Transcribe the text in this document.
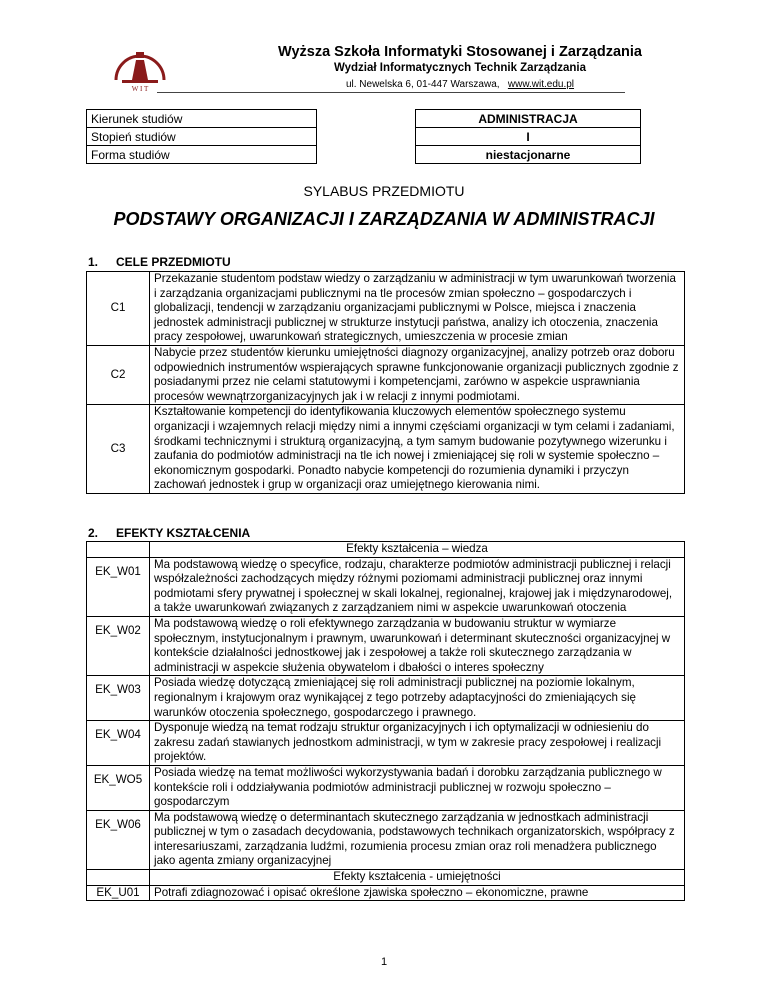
W I T
Wyższa Szkoła Informatyki Stosowanej i Zarządzania
Wydział Informatycznych Technik Zarządzania
ul. Newelska 6, 01-447 Warszawa, www.wit.edu.pl
Kierunek studiów		ADMINISTRACJA
Stopień studiów		I
Forma studiów		niestacjonarne
SYLABUS PRZEDMIOTU
PODSTAWY ORGANIZACJI I ZARZĄDZANIA W ADMINISTRACJI
1. CELE PRZEDMIOTU
C1	Przekazanie studentom podstaw wiedzy o zarządzaniu w administracji w tym uwarunkowań tworzenia i zarządzania organizacjami publicznymi na tle procesów zmian społeczno – gospodarczych i globalizacji, tendencji w zarządzaniu organizacjami publicznymi w Polsce, miejsca i znaczenia jednostek administracji publicznej w strukturze instytucji państwa, analizy ich otoczenia, znaczenia pracy zespołowej, uwarunkowań strategicznych, umieszczenia w procesie zmian
C2	Nabycie przez studentów kierunku umiejętności diagnozy organizacyjnej, analizy potrzeb oraz doboru odpowiednich instrumentów wspierających sprawne funkcjonowanie organizacji publicznych zgodnie z posiadanymi przez nie celami statutowymi i kompetencjami, zarówno w aspekcie usprawniania procesów wewnątrzorganizacyjnych jak i w relacji z innymi podmiotami.
C3	Kształtowanie kompetencji do identyfikowania kluczowych elementów społecznego systemu organizacji i wzajemnych relacji między nimi a innymi częściami organizacji w tym celami i zadaniami, środkami technicznymi i strukturą organizacyjną, a tym samym budowanie pozytywnego wizerunku i zaufania do podmiotów administracji na tle ich nowej i zmieniającej się roli w systemie społeczno – ekonomicznym gospodarki. Ponadto nabycie kompetencji do rozumienia dynamiki i przyczyn zachowań jednostek i grup w organizacji oraz umiejętnego kierowania nimi.
2. EFEKTY KSZTAŁCENIA
	Efekty kształcenia – wiedza
EK_W01	Ma podstawową wiedzę o specyfice, rodzaju, charakterze podmiotów administracji publicznej i relacji współzależności zachodzących między różnymi poziomami administracji publicznej oraz innymi podmiotami sfery prywatnej i społecznej w skali lokalnej, regionalnej, krajowej jak i międzynarodowej, a także uwarunkowań związanych z zarządzaniem nimi w aspekcie uwarunkowań otoczenia
EK_W02	Ma podstawową wiedzę o roli efektywnego zarządzania w budowaniu struktur w wymiarze społecznym, instytucjonalnym i prawnym, uwarunkowań i determinant skuteczności organizacyjnej w kontekście działalności jednostkowej jak i zespołowej a także roli skutecznego zarządzania w administracji w aspekcie służenia obywatelom i dbałości o interes społeczny
EK_W03	Posiada wiedzę dotyczącą zmieniającej się roli administracji publicznej na poziomie lokalnym, regionalnym i krajowym oraz wynikającej z tego potrzeby adaptacyjności do zmieniających się warunków otoczenia społecznego, gospodarczego i prawnego.
EK_W04	Dysponuje wiedzą na temat rodzaju struktur organizacyjnych i ich optymalizacji w odniesieniu do zakresu zadań stawianych jednostkom administracji, w tym w zakresie pracy zespołowej i realizacji projektów.
EK_WO5	Posiada wiedzę na temat możliwości wykorzystywania badań i dorobku zarządzania publicznego w kontekście roli i oddziaływania podmiotów administracji publicznej w rozwoju społeczno – gospodarczym
EK_W06	Ma podstawową wiedzę o determinantach skutecznego zarządzania w jednostkach administracji publicznej w tym o zasadach decydowania, podstawowych technikach organizatorskich, współpracy z interesariuszami, zarządzania ludźmi, rozumienia procesu zmian oraz roli menadżera publicznego jako agenta zmiany organizacyjnej
	Efekty kształcenia - umiejętności
EK_U01	Potrafi zdiagnozować i opisać określone zjawiska społeczno – ekonomiczne, prawne
1
